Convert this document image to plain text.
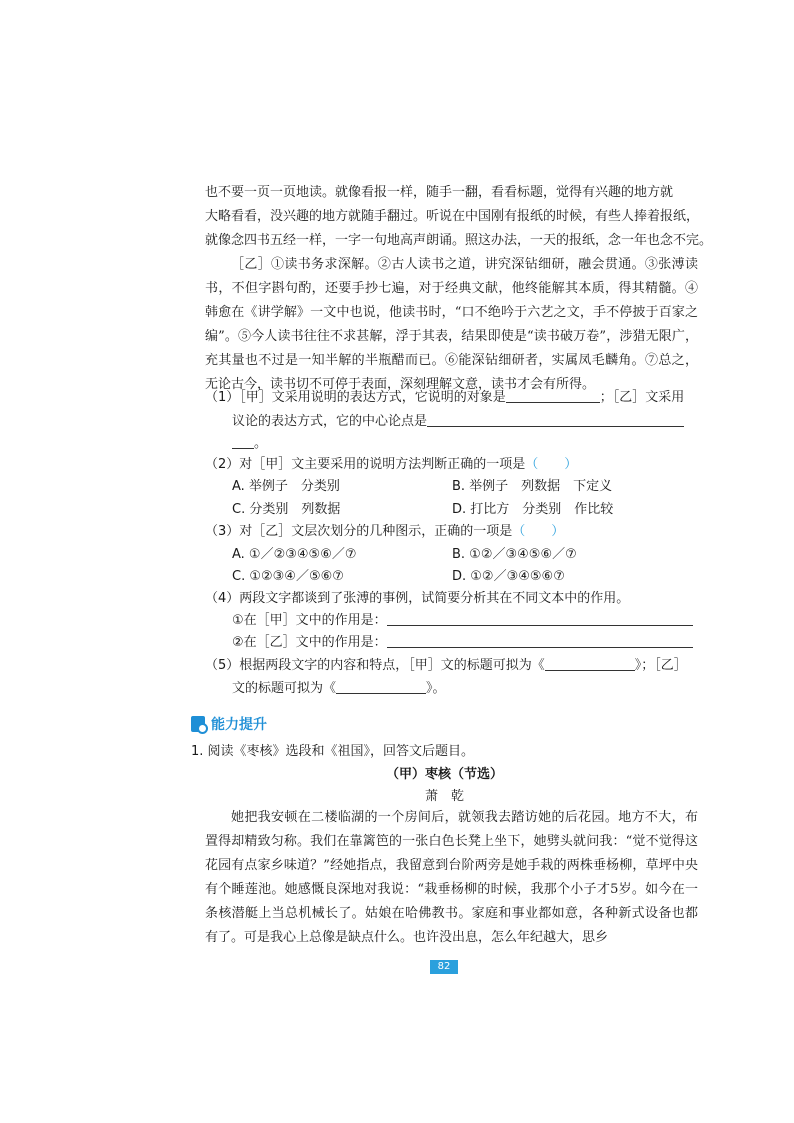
也不要一页一页地读。就像看报一样，随手一翻，看看标题，觉得有兴趣的地方就

大略看看，没兴趣的地方就随手翻过。听说在中国刚有报纸的时候，有些人捧着报纸，

就像念四书五经一样，一字一句地高声朗诵。照这办法，一天的报纸，念一年也念不完。

［乙］①读书务求深解。②古人读书之道，讲究深钻细研，融会贯通。③张溥读书，不但字斟句酌，还要手抄七遍，对于经典文献，他终能解其本质，得其精髓。④韩愈在《讲学解》一文中也说，他读书时，“口不绝吟于六艺之文，手不停披于百家之编”。⑤今人读书往往不求甚解，浮于其表，结果即使是“读书破万卷”，涉猎无限广，充其量也不过是一知半解的半瓶醋而已。⑥能深钻细研者，实属凤毛麟角。⑦总之，无论古今，读书切不可停于表面，深刻理解文意，读书才会有所得。

（1）［甲］文采用说明的表达方式，它说明的对象是	；［乙］文采用
议论的表达方式，它的中心论点是
。
（2）对［甲］文主要采用的说明方法判断正确的一项是（　　）
A. 举例子　分类别	B. 举例子　列数据　下定义
C. 分类别　列数据	D. 打比方　分类别　作比较
（3）对［乙］文层次划分的几种图示，正确的一项是（　　）
A. ①／②③④⑤⑥／⑦	B. ①②／③④⑤⑥／⑦
C. ①②③④／⑤⑥⑦	D. ①②／③④⑤⑥⑦
（4）两段文字都谈到了张溥的事例，试简要分析其在不同文本中的作用。
①在［甲］文中的作用是：
②在［乙］文中的作用是：
（5）根据两段文字的内容和特点，［甲］文的标题可拟为《	》；［乙］
文的标题可拟为《	》。
能力提升
1. 阅读《枣核》选段和《祖国》，回答文后题目。
（甲）枣核（节选）
萧　乾

她把我安顿在二楼临湖的一个房间后，就领我去踏访她的后花园。地方不大，布置得却精致匀称。我们在靠篱笆的一张白色长凳上坐下，她劈头就问我：“觉不觉得这花园有点家乡味道？”经她指点，我留意到台阶两旁是她手栽的两株垂杨柳，草坪中央有个睡莲池。她感慨良深地对我说：“栽垂杨柳的时候，我那个小子才5岁。如今在一条核潜艇上当总机械长了。姑娘在哈佛教书。家庭和事业都如意，各种新式设备也都有了。可是我心上总像是缺点什么。也许没出息，怎么年纪越大，思乡

82
